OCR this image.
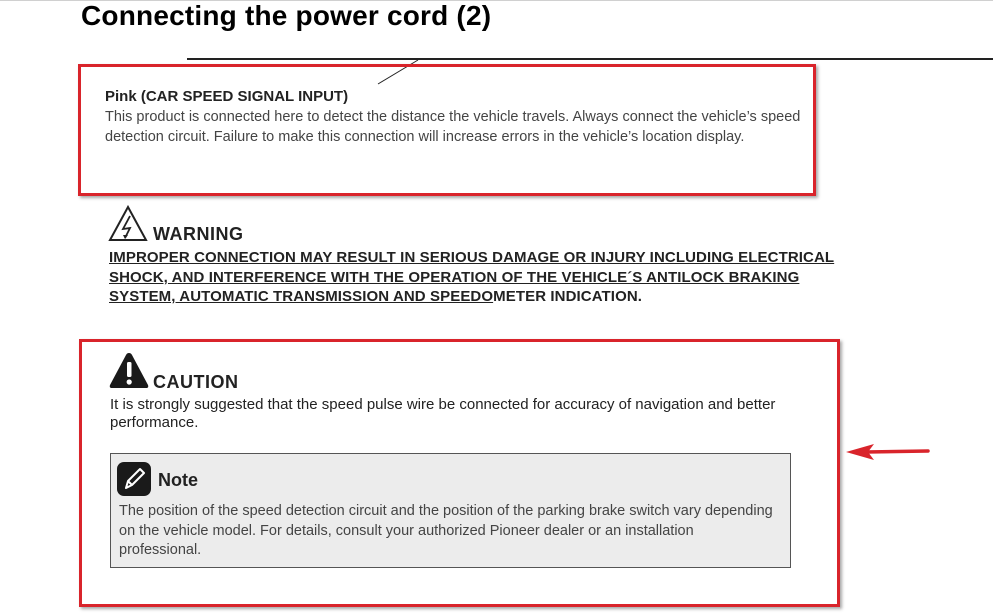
Connecting the power cord (2)
Pink (CAR SPEED SIGNAL INPUT)
This product is connected here to detect the distance the vehicle travels. Always connect the vehicle’s speed detection circuit. Failure to make this connection will increase errors in the vehicle’s location display.
WARNING
IMPROPER CONNECTION MAY RESULT IN SERIOUS DAMAGE OR INJURY INCLUDING ELECTRICAL SHOCK, AND INTERFERENCE WITH THE OPERATION OF THE VEHICLE´S ANTILOCK BRAKING SYSTEM, AUTOMATIC TRANSMISSION AND SPEEDOMETER INDICATION.
CAUTION
It is strongly suggested that the speed pulse wire be connected for accuracy of navigation and better performance.
Note
The position of the speed detection circuit and the position of the parking brake switch vary depending on the vehicle model. For details, consult your authorized Pioneer dealer or an installation professional.
